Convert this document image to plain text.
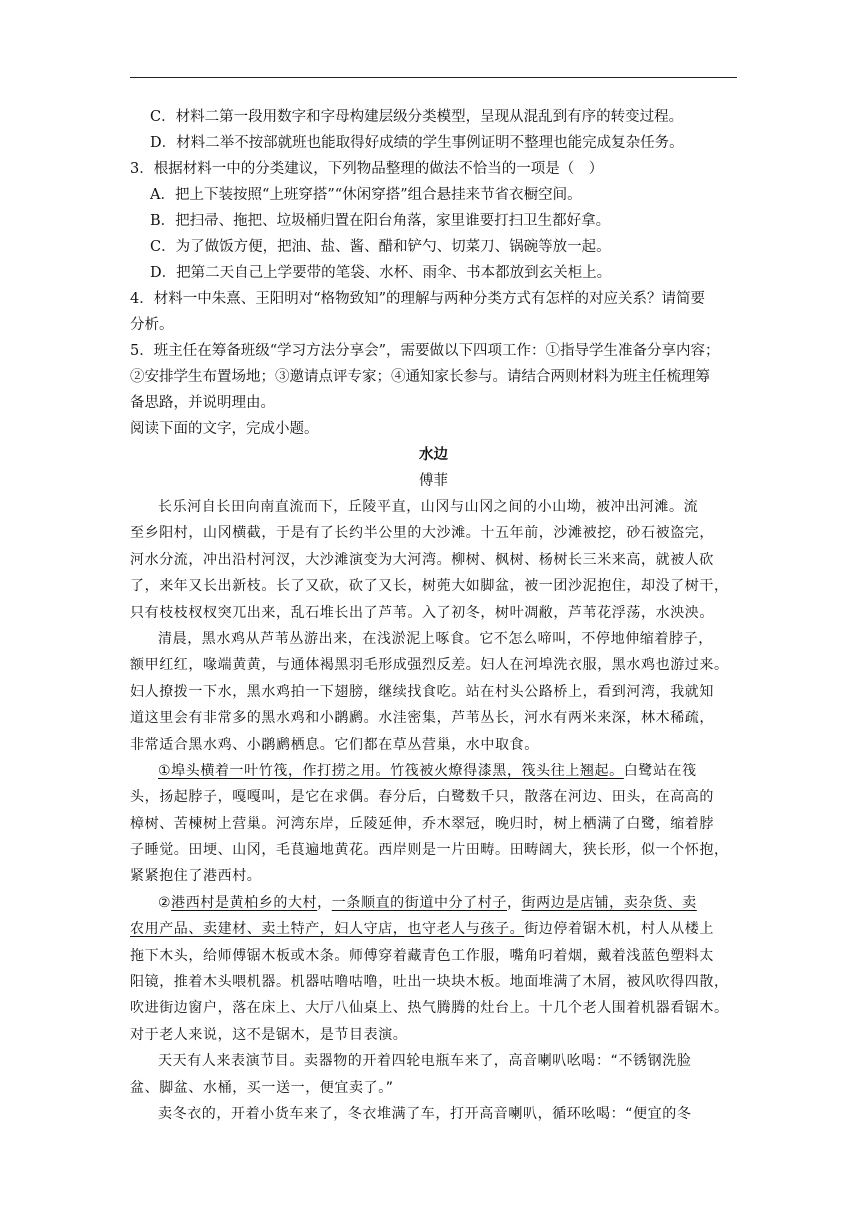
C．材料二第一段用数字和字母构建层级分类模型，呈现从混乱到有序的转变过程。
D．材料二举不按部就班也能取得好成绩的学生事例证明不整理也能完成复杂任务。
3．根据材料一中的分类建议，下列物品整理的做法不恰当的一项是（　）
A．把上下装按照“上班穿搭”“休闲穿搭”组合悬挂来节省衣橱空间。
B．把扫帚、拖把、垃圾桶归置在阳台角落，家里谁要打扫卫生都好拿。
C．为了做饭方便，把油、盐、酱、醋和铲勺、切菜刀、锅碗等放一起。
D．把第二天自己上学要带的笔袋、水杯、雨伞、书本都放到玄关柜上。
4．材料一中朱熹、王阳明对“格物致知”的理解与两种分类方式有怎样的对应关系？请简要
分析。
5．班主任在筹备班级“学习方法分享会”，需要做以下四项工作：①指导学生准备分享内容；
②安排学生布置场地；③邀请点评专家；④通知家长参与。请结合两则材料为班主任梳理筹
备思路，并说明理由。
阅读下面的文字，完成小题。
水边
傅菲
长乐河自长田向南直流而下，丘陵平直，山冈与山冈之间的小山坳，被冲出河滩。流
至乡阳村，山冈横截，于是有了长约半公里的大沙滩。十五年前，沙滩被挖，砂石被盗完，
河水分流，冲出沿村河汊，大沙滩演变为大河湾。柳树、枫树、杨树长三米来高，就被人砍
了，来年又长出新枝。长了又砍，砍了又长，树蔸大如脚盆，被一团沙泥抱住，却没了树干，
只有枝枝杈杈突兀出来，乱石堆长出了芦苇。入了初冬，树叶凋敝，芦苇花浮荡，水泱泱。
清晨，黑水鸡从芦苇丛游出来，在浅淤泥上啄食。它不怎么啼叫，不停地伸缩着脖子，
额甲红红，喙端黄黄，与通体褐黑羽毛形成强烈反差。妇人在河埠洗衣服，黑水鸡也游过来。
妇人撩拨一下水，黑水鸡拍一下翅膀，继续找食吃。站在村头公路桥上，看到河湾，我就知
道这里会有非常多的黑水鸡和小䴙䴘。水洼密集，芦苇丛长，河水有两米来深，林木稀疏，
非常适合黑水鸡、小䴙䴘栖息。它们都在草丛营巢，水中取食。
①埠头横着一叶竹筏，作打捞之用。竹筏被火燎得漆黑，筏头往上翘起。白鹭站在筏
头，扬起脖子，嘎嘎叫，是它在求偶。春分后，白鹭数千只，散落在河边、田头，在高高的
樟树、苦楝树上营巢。河湾东岸，丘陵延伸，乔木翠冠，晚归时，树上栖满了白鹭，缩着脖
子睡觉。田埂、山冈，毛茛遍地黄花。西岸则是一片田畴。田畴阔大，狭长形，似一个怀抱，
紧紧抱住了港西村。
②港西村是黄柏乡的大村，一条顺直的街道中分了村子，街两边是店铺，卖杂货、卖
农用产品、卖建材、卖土特产，妇人守店，也守老人与孩子。街边停着锯木机，村人从楼上
拖下木头，给师傅锯木板或木条。师傅穿着藏青色工作服，嘴角叼着烟，戴着浅蓝色塑料太
阳镜，推着木头喂机器。机器咕噜咕噜，吐出一块块木板。地面堆满了木屑，被风吹得四散，
吹进街边窗户，落在床上、大厅八仙桌上、热气腾腾的灶台上。十几个老人围着机器看锯木。
对于老人来说，这不是锯木，是节目表演。
天天有人来表演节目。卖器物的开着四轮电瓶车来了，高音喇叭吆喝：“不锈钢洗脸
盆、脚盆、水桶，买一送一，便宜卖了。”
卖冬衣的，开着小货车来了，冬衣堆满了车，打开高音喇叭，循环吆喝：“便宜的冬
